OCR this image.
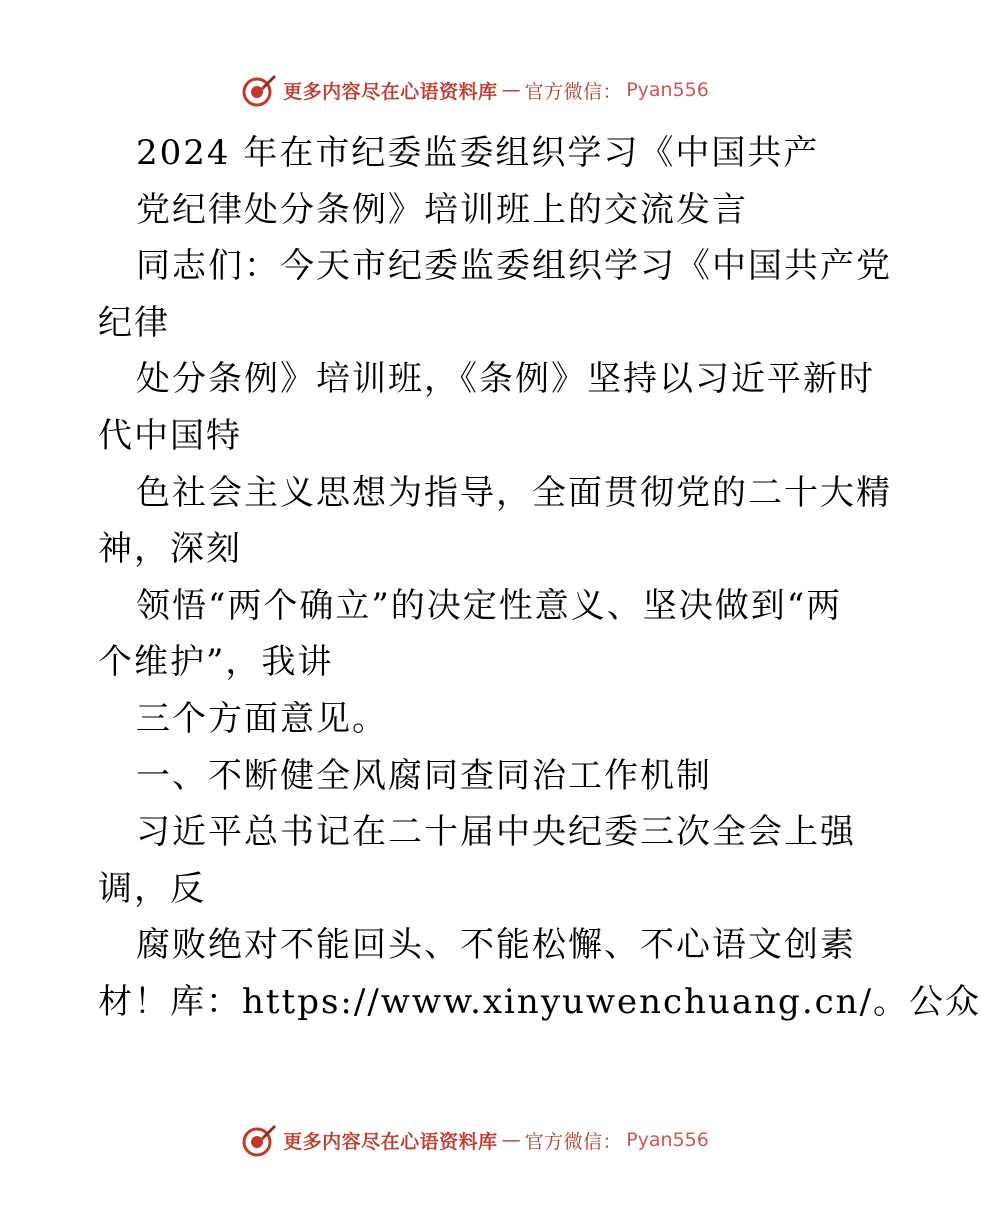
更多内容尽在心语资料库 — 官方微信： Pyan556
2024 年在市纪委监委组织学习《中国共产
党纪律处分条例》培训班上的交流发言
同志们：今天市纪委监委组织学习《中国共产党
纪律
处分条例》培训班，《条例》坚持以习近平新时
代中国特
色社会主义思想为指导，全面贯彻党的二十大精
神，深刻
领悟“两个确立”的决定性意义、坚决做到“两
个维护”，我讲
三个方面意见。
一、不断健全风腐同查同治工作机制
习近平总书记在二十届中央纪委三次全会上强
调，反
腐败绝对不能回头、不能松懈、不心语文创素
材！库：https://www.xinyuwenchuang.cn/。公众
更多内容尽在心语资料库 — 官方微信： Pyan556
